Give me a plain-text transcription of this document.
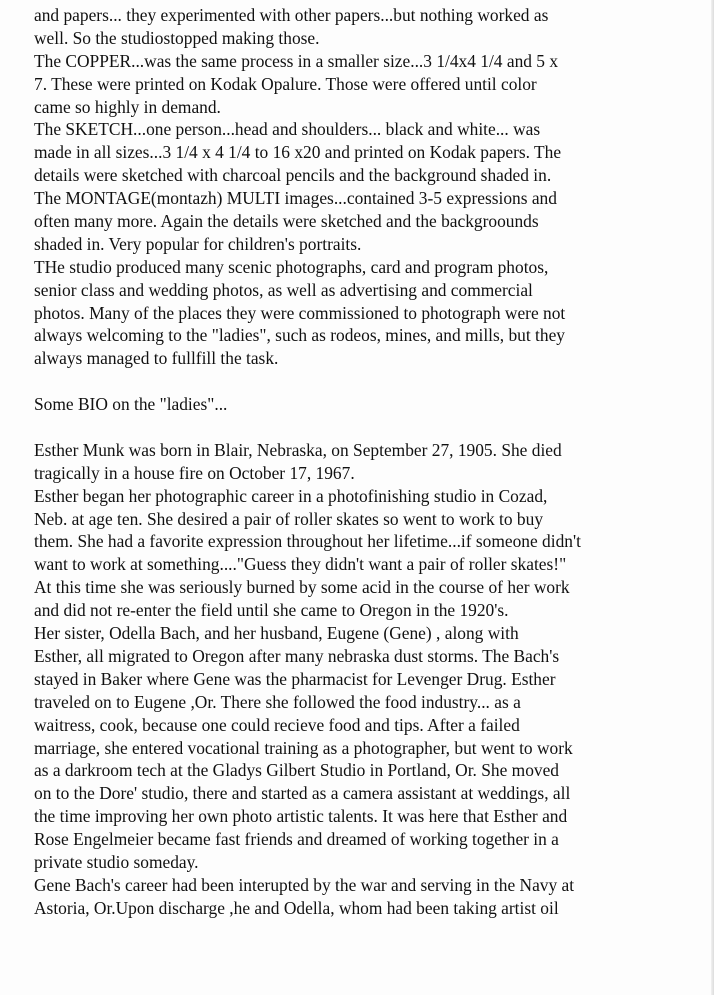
and papers... they experimented with other papers...but nothing worked as
well. So the studiostopped making those.
The COPPER...was the same process in a smaller size...3 1/4x4 1/4 and 5 x
7. These were printed on Kodak Opalure. Those were offered until color
came so highly in demand.
The SKETCH...one person...head and shoulders... black and white... was
made in all sizes...3 1/4 x 4 1/4 to 16 x20 and printed on Kodak papers. The
details were sketched with charcoal pencils and the background shaded in.
The MONTAGE(montazh) MULTI images...contained 3-5 expressions and
often many more. Again the details were sketched and the backgroounds
shaded in. Very popular for children's portraits.
THe studio produced many scenic photographs, card and program photos,
senior class and wedding photos, as well as advertising and commercial
photos. Many of the places they were commissioned to photograph were not
always welcoming to the "ladies", such as rodeos, mines, and mills, but they
always managed to fullfill the task.
Some BIO on the "ladies"...
Esther Munk was born in Blair, Nebraska, on September 27, 1905. She died
tragically in a house fire on October 17, 1967.
Esther began her photographic career in a photofinishing studio in Cozad,
Neb. at age ten. She desired a pair of roller skates so went to work to buy
them. She had a favorite expression throughout her lifetime...if someone didn't
want to work at something...."Guess they didn't want a pair of roller skates!"
At this time she was seriously burned by some acid in the course of her work
and did not re-enter the field until she came to Oregon in the 1920's.
Her sister, Odella Bach, and her husband, Eugene (Gene) , along with
Esther, all migrated to Oregon after many nebraska dust storms. The Bach's
stayed in Baker where Gene was the pharmacist for Levenger Drug. Esther
traveled on to Eugene ,Or. There she followed the food industry... as a
waitress, cook, because one could recieve food and tips. After a failed
marriage, she entered vocational training as a photographer, but went to work
as a darkroom tech at the Gladys Gilbert Studio in Portland, Or. She moved
on to the Dore' studio, there and started as a camera assistant at weddings, all
the time improving her own photo artistic talents. It was here that Esther and
Rose Engelmeier became fast friends and dreamed of working together in a
private studio someday.
Gene Bach's career had been interupted by the war and serving in the Navy at
Astoria, Or.Upon discharge ,he and Odella, whom had been taking artist oil
